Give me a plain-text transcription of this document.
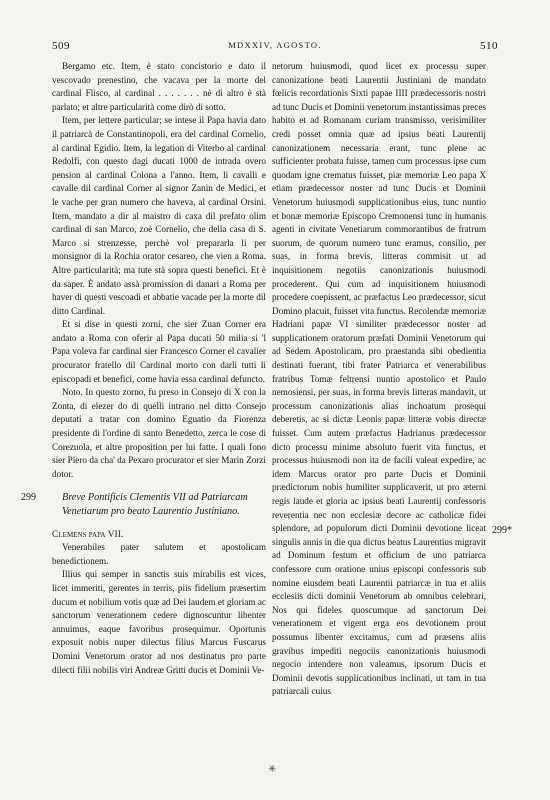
509	MDXXIV, AGOSTO.	510

Bergamo etc. Item, è stato concistorio e dato il vescovado prenestino, che vacava per la morte del cardinal Flisco, al cardinal . . . . . . . nè di altro è stà parlato; et altre particularità come dirò di sotto.

Item, per lettere particular; se intese il Papa havia dato il patriarcà de Constantinopoli, era del cardinal Cornelio, al cardinal Egidio. Item, la legation di Viterbo al cardinal Redolfi, con questo dagi ducati 1000 de intrada overo pension al cardinal Colona a l'anno. Item, li cavalli e cavalle dil cardinal Corner al signor Zanin de Medici, et le vache per gran numero che haveva, al cardinal Orsini. Item, mandato a dir al maistro di caxa dil prefato olim cardinal di san Marco, zoè Cornelio, che della casa di S. Marco si strenzesse, perchè vol prepararla li per monsignor di la Rochia orator cesareo, che vien a Roma. Altre particularità; ma tute stà sopra questi benefici. Et è da saper. È andato assà promission di danari a Roma per haver di questi vescoadi et abbatie vacade per la morte dil ditto Cardinal.

Et si dise in questi zorni, che sier Zuan Corner era andato a Roma con oferir al Papa ducati 50 milia si 'l Papa voleva far cardinal sier Francesco Corner el cavalier procurator fratello dil Cardinal morto con darli tutti li episcopadi et benefici, come havia essa cardinal defuncto.

Noto. In questo zorno, fu preso in Consejo di X con la Zonta, di elezer do di quelli intrano nel ditto Consejo deputati a tratar con domino Eguatio da Fiorenza presidente di l'ordine di santo Benedetto, zerca le cose di Corezuola, et altre proposition per lui fatte. I quali fono sier Piero da cha' da Pexaro procurator et sier Marin Zorzi dotor.

299	Breve Pontificis Clementis VII ad Patriarcam Venetiarum pro beato Laurentio Justiniano.

Clemens papa VII.

Venerabiles pater salutem et apostolicam benedictionem.

Illius qui semper in sanctis suis mirabilis est vices, licet immeriti, gerentes in terris, piis fidelium præsertim ducum et nobilium votis quæ ad Dei laudem et gloriam ac sanctorum venerationem cedere dignoscuntur libenter annuimus, eaque favoribus prosequimur. Oportunis exposuit nobis nuper dilectus filius Marcus Fuscarus Domini Venetorum orator ad nos destinatus pro parte dilecti filii nobilis viri Andreæ Gritti ducis et Dominii Ve-

netorum huiusmodi, quod licet ex processu super canonizatione beati Laurentii Justiniani de mandato fœlicis recordationis Sixti papae IIII prædecessoris nostri ad tunc Ducis et Dominii venetorum instantissimas preces habito et ad Romanam curiam transmisso, verisimiliter credi posset omnia quæ ad ipsius beati Laurentij canonizationem necessaria erant, tunc plene ac sufficienter probata fuisse, tamen cum processus ipse cum quodam igne crematus fuisset, piæ memoriæ Leo papa X etiam prædecessor noster ad tunc Ducis et Dominii Venetorum huiusmodi supplicationibus eius, tunc nuntio et bonæ memoriæ Episcopo Cremonensi tunc in humanis agenti in civitate Venetiarum commorantibus de fratrum suorum, de quorum numero tunc eramus, consilio, per suas, in forma brevis, litteras commisit ut ad inquisitionem negotiis canonizationis huiusmodi procederent. Qui cum ad inquisitionem huiusmodi procedere coepissent, ac præfactus Leo prædecessor, sicut Domino placuit, fuisset vita functus. Recolendæ memoriæ Hadriani papæ VI similiter prædecessor noster ad supplicationem oratorum præfati Dominii Venetorum qui ad Sedem Apostolicam, pro praestanda sibi obedientia destinati fuerant, tibi frater Patriarca et venerabilibus fratribus Tomæ feltrensi nuntio apostolico et Paulo nemosiensi, per suas, in forma brevis litteras mandavit, ut processum canonizationis alias inchoatum prosequi deberetis, ac si dictæ Leonis papæ litteræ vobis directæ fuisset. Cum autem præfactus Hadrianus prædecessor dicto processu minime absoluto fuerit vita functus, et processus huiusmodi non ita de facili valeat expedire, ac idem Marcus orator pro parte Ducis et Dominii prædictorum nobis humiliter supplicaverit, ut pro æterni regis laude et gloria ac ipsius beati Laurentij confessoris reverentia nec non ecclesiæ decore ac catholicæ fidei splendore, ad populorum dicti Dominii devotione liceat singulis annis in die qua dictus beatus Laurentius migravit ad Dominum festum et officium de uno patriarca confessore cum oratione unius episcopi confessoris sub nomine eiusdem beati Laurentii patriarcæ in tua et aliis ecclesiis dicti dominii Venetorum ab omnibus celebrari, Nos qui fideles quoscumque ad sanctorum Dei venerationem et vigent erga eos devotionem prout possumus libenter excitamus, cum ad præsens aliis gravibus impediti negociis canonizationis huiusmodi negocio intendere non valeamus, ipsorum Ducis et Dominii devotis supplicationibus inclinati, ut tam in tua patriarcali cuius

299*
✳
